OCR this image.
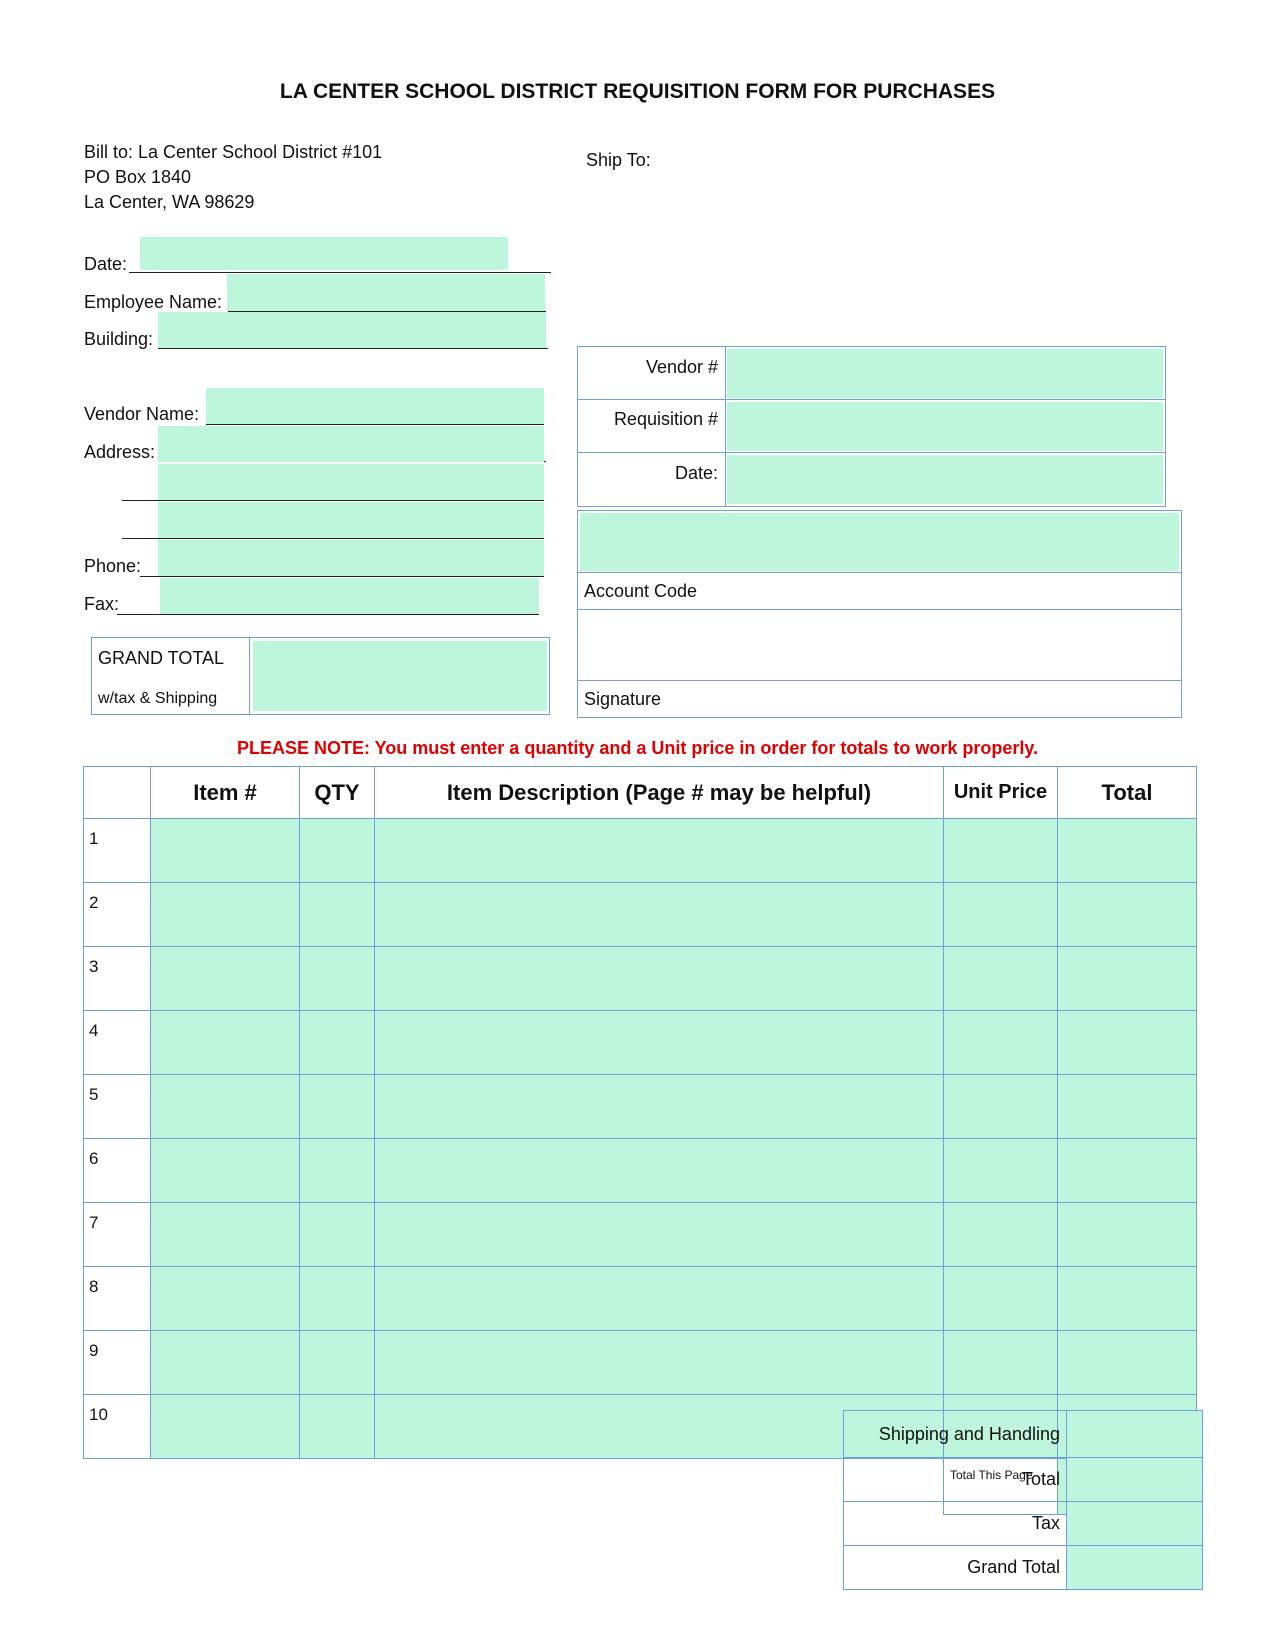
LA CENTER SCHOOL DISTRICT REQUISITION FORM FOR PURCHASES
Bill to: La Center School District #101
PO Box 1840
La Center, WA 98629
Ship To:
Date:
Employee Name:
Building:
Vendor Name:
Address:
Phone:
Fax:
GRAND TOTAL
w/tax & Shipping
Vendor #
Requisition #
Date:
Account Code
Signature
PLEASE NOTE: You must enter a quantity and a Unit price in order for totals to work properly.
	Item #	QTY	Item Description (Page # may be helpful)	Unit Price	Total
1					
2					
3					
4					
5					
6					
7					
8					
9					
10					
				Total This Page	
Shipping and Handling	
Total	
Tax	
Grand Total	
